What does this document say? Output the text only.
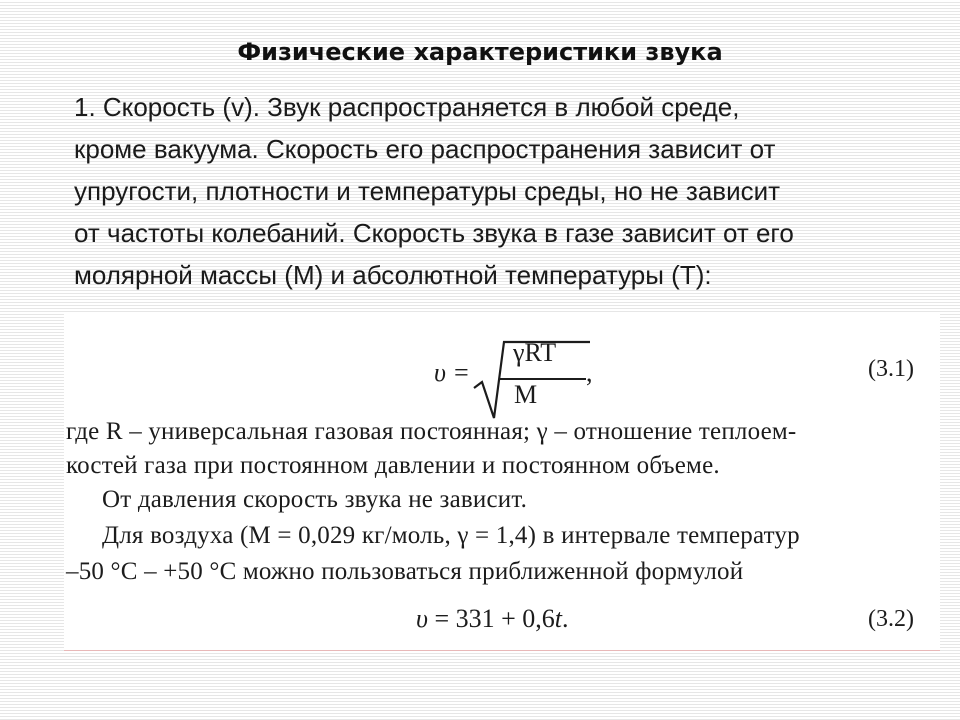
Физические характеристики звука
1. Скорость (v). Звук распространяется в любой среде,
кроме вакуума. Скорость его распространения зависит от
упругости, плотности и температуры среды, но не зависит
от частоты колебаний. Скорость звука в газе зависит от его
молярной массы (М) и абсолютной температуры (Т):
υ =
γRT
M
,	(3.1)
где R – универсальная газовая постоянная; γ – отношение теплоем-
костей газа при постоянном давлении и постоянном объеме.
От давления скорость звука не зависит.
Для воздуха (M = 0,029 кг/моль, γ = 1,4) в интервале температур
–50 °C – +50 °C можно пользоваться приближенной формулой
υ = 331 + 0,6t.	(3.2)
